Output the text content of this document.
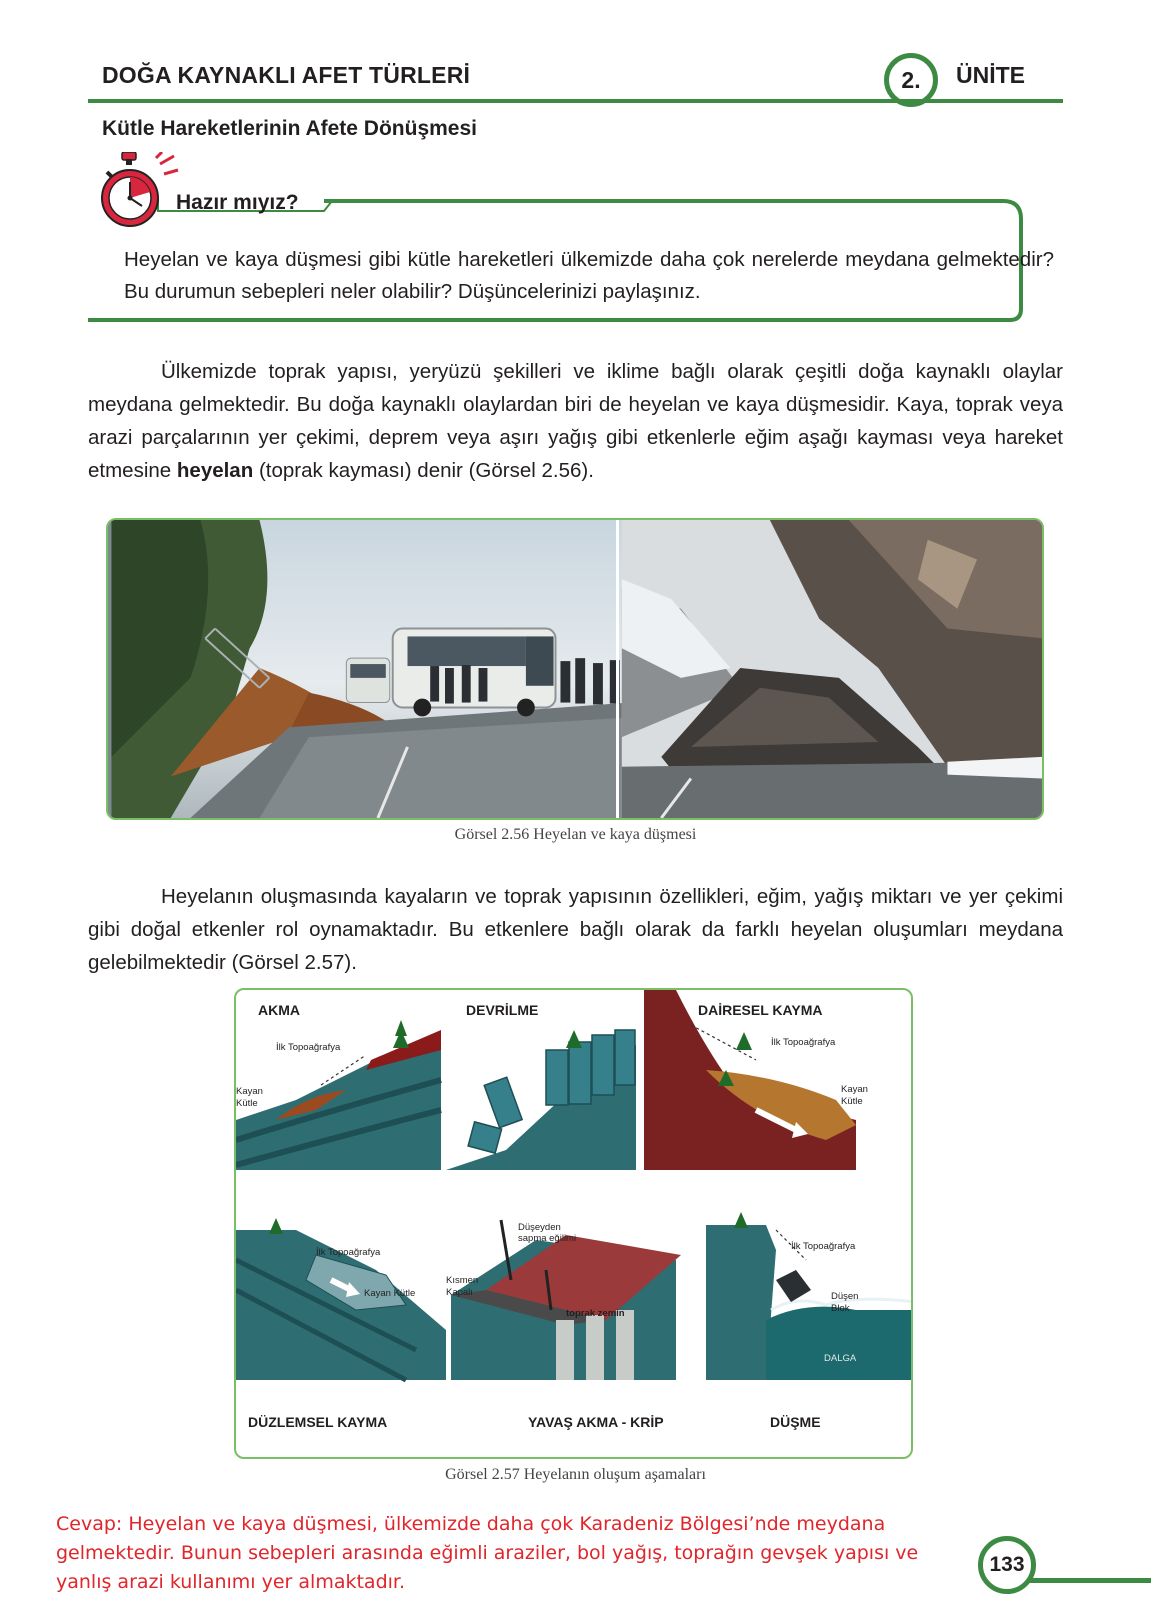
DOĞA KAYNAKLI AFET TÜRLERİ	2.	ÜNİTE
Kütle Hareketlerinin Afete Dönüşmesi
Hazır mıyız?
Heyelan ve kaya düşmesi gibi kütle hareketleri ülkemizde daha çok nerelerde meydana gelmektedir? Bu durumun sebepleri neler olabilir? Düşüncelerinizi paylaşınız.
Ülkemizde toprak yapısı, yeryüzü şekilleri ve iklime bağlı olarak çeşitli doğa kaynaklı olaylar meydana gelmektedir. Bu doğa kaynaklı olaylardan biri de heyelan ve kaya düşmesidir. Kaya, toprak veya arazi parçalarının yer çekimi, deprem veya aşırı yağış gibi etkenlerle eğim aşağı kayması veya hareket etmesine heyelan (toprak kayması) denir (Görsel 2.56).
Görsel 2.56 Heyelan ve kaya düşmesi
Heyelanın oluşmasında kayaların ve toprak yapısının özellikleri, eğim, yağış miktarı ve yer çekimi gibi doğal etkenler rol oynamaktadır. Bu etkenlere bağlı olarak da farklı heyelan oluşumları meydana gelebilmektedir (Görsel 2.57).
AKMA	DEVRİLME	DAİRESEL KAYMA
DÜZLEMSEL KAYMA	YAVAŞ AKMA - KRİP	DÜŞME
İlk Topoağrafya
Kayan
Kütle
İlk Topoağrafya
Kayan
Kütle
İlk Topoağrafya
Kayan Kütle
Düşeyden
sapma eğilimi
Kısmen
Kapalı
toprak zemin
İlk Topoağrafya
Düşen
Blok
DALGA
Görsel 2.57 Heyelanın oluşum aşamaları
Cevap: Heyelan ve kaya düşmesi, ülkemizde daha çok Karadeniz Bölgesi’nde meydana gelmektedir. Bunun sebepleri arasında eğimli araziler, bol yağış, toprağın gevşek yapısı ve yanlış arazi kullanımı yer almaktadır.
133
